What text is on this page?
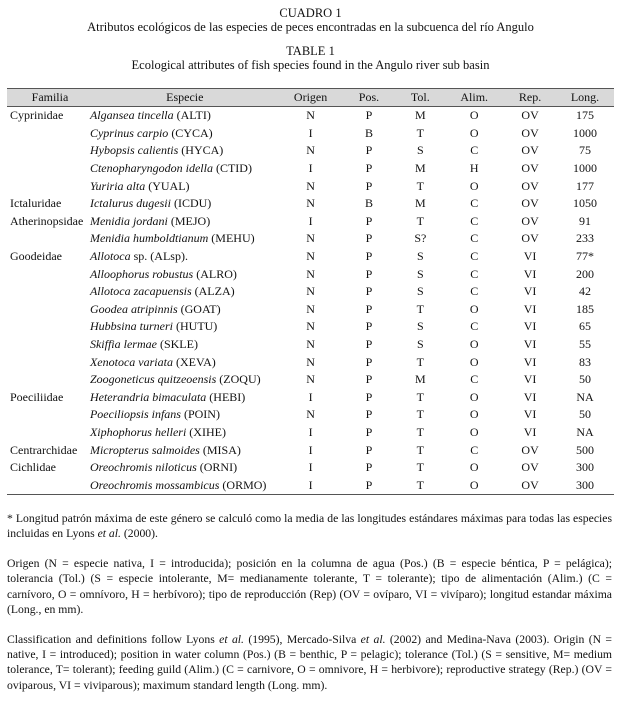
CUADRO 1
Atributos ecológicos de las especies de peces encontradas en la subcuenca del río Angulo
TABLE 1
Ecological attributes of fish species found in the Angulo river sub basin
Familia	Especie	Origen	Pos.	Tol.	Alim.	Rep.	Long.
Cyprinidae	Algansea tincella (ALTI)	N	P	M	O	OV	175
	Cyprinus carpio (CYCA)	I	B	T	O	OV	1000
	Hybopsis calientis (HYCA)	N	P	S	C	OV	75
	Ctenopharyngodon idella (CTID)	I	P	M	H	OV	1000
	Yuriria alta (YUAL)	N	P	T	O	OV	177
Ictaluridae	Ictalurus dugesii (ICDU)	N	B	M	C	OV	1050
Atherinopsidae	Menidia jordani (MEJO)	I	P	T	C	OV	91
	Menidia humboldtianum (MEHU)	N	P	S?	C	OV	233
Goodeidae	Allotoca sp. (ALsp).	N	P	S	C	VI	77*
	Alloophorus robustus (ALRO)	N	P	S	C	VI	200
	Allotoca zacapuensis (ALZA)	N	P	S	C	VI	42
	Goodea atripinnis (GOAT)	N	P	T	O	VI	185
	Hubbsina turneri (HUTU)	N	P	S	C	VI	65
	Skiffia lermae (SKLE)	N	P	S	O	VI	55
	Xenotoca variata (XEVA)	N	P	T	O	VI	83
	Zoogoneticus quitzeoensis (ZOQU)	N	P	M	C	VI	50
Poeciliidae	Heterandria bimaculata (HEBI)	I	P	T	O	VI	NA
	Poeciliopsis infans (POIN)	N	P	T	O	VI	50
	Xiphophorus helleri (XIHE)	I	P	T	O	VI	NA
Centrarchidae	Micropterus salmoides (MISA)	I	P	T	C	OV	500
Cichlidae	Oreochromis niloticus (ORNI)	I	P	T	O	OV	300
	Oreochromis mossambicus (ORMO)	I	P	T	O	OV	300

* Longitud patrón máxima de este género se calculó como la media de las longitudes estándares máximas para todas las especies incluidas en Lyons et al. (2000).

Origen (N = especie nativa, I = introducida); posición en la columna de agua (Pos.) (B = especie béntica, P = pelágica); tolerancia (Tol.) (S = especie intolerante, M= medianamente tolerante, T = tolerante); tipo de alimentación (Alim.) (C = carnívoro, O = omnívoro, H = herbívoro); tipo de reproducción (Rep) (OV = ovíparo, VI = vivíparo); longitud estandar máxima (Long., en mm).

Classification and definitions follow Lyons et al. (1995), Mercado-Silva et al. (2002) and Medina-Nava (2003). Origin (N = native, I = introduced); position in water column (Pos.) (B = benthic, P = pelagic); tolerance (Tol.) (S = sensitive, M= medium tolerance, T= tolerant); feeding guild (Alim.) (C = carnivore, O = omnivore, H = herbivore); reproductive strategy (Rep.) (OV = oviparous, VI = viviparous); maximum standard length (Long. mm).
